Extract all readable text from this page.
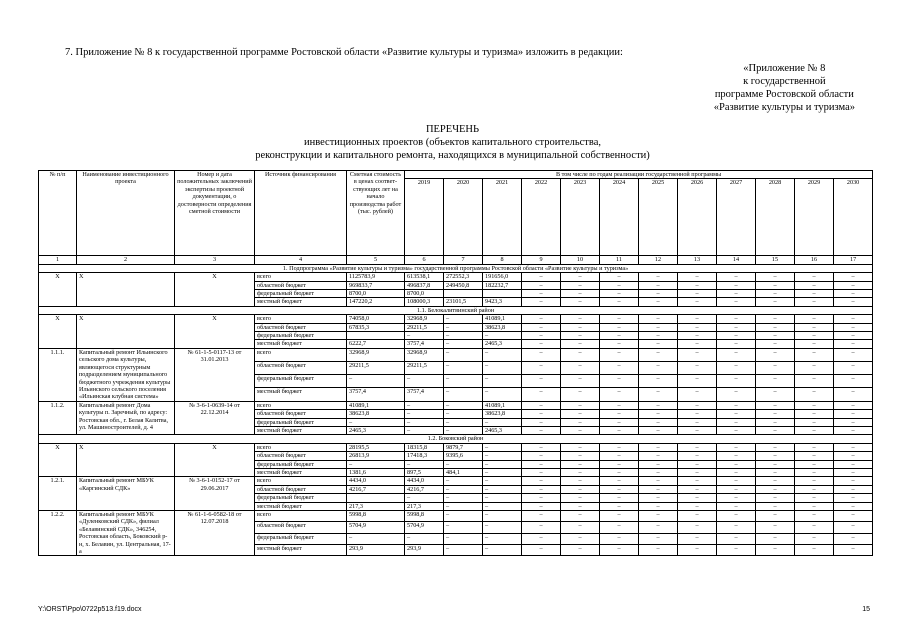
7. Приложение № 8 к государственной программе Ростовской области «Развитие культуры и туризма» изложить в редакции:
«Приложение № 8
к государственной
программе Ростовской области
«Развитие культуры и туризма»
ПЕРЕЧЕНЬ
инвестиционных проектов (объектов капитального строительства,
реконструкции и капитального ремонта, находящихся в муниципальной собственности)
№ п/п	Наименование инвестиционного проекта	Номер и дата положительных заключений экспертизы проектной документации, о достоверности определения сметной стоимости	Источник финансирования	Сметная стоимость в ценах соответ-ствующих лет на начало производства работ (тыс. рублей)	В том числе по годам реализации государственной программы											
					2019	2020	2021	2022	2023	2024	2025	2026	2027	2028	2029	2030
1	2	3	4	5	6	7	8	9	10	11	12	13	14	15	16	17
1. Подпрограмма «Развитие культуры и туризма» государственной программы Ростовской области «Развитие культуры и туризма»																
X	X	X	всего	1125783,9	613538,1	272552,3	191656,0	–	–	–	–	–	–	–	–	–
			областной бюджет	969833,7	496837,8	249450,8	182232,7	–	–	–	–	–	–	–	–	–
			федеральный бюджет	8700,0	8700,0			–	–	–	–	–	–	–	–	–
			местный бюджет	147220,2	108000,3	23101,5	9423,3	–	–	–	–	–	–	–	–	–
1.1. Белокалитвинский район																
X	X	X	всего	74058,0	32968,9	–	41089,1	–	–	–	–	–	–	–	–	–
			областной бюджет	67835,3	29211,5	–	38623,8	–	–	–	–	–	–	–	–	–
			федеральный бюджет		–	–	–	–	–	–	–	–	–	–	–	–
			местный бюджет	6222,7	3757,4	–	2465,3	–	–	–	–	–	–	–	–	–
1.1.1.	Капитальный ремонт Ильинского сельского дома культуры, являющегося структурным подразделением муниципального бюджетного учреждения культуры Ильинского сельского поселения «Ильинская клубная система»	№ 61-1-5-0117-13 от 31.01.2013	всего	32968,9	32968,9	–	–	–	–	–	–	–	–	–	–	–
			областной бюджет	29211,5	29211,5	–	–	–	–	–	–	–	–	–	–	–
			федеральный бюджет	–	–	–	–	–	–	–	–	–	–	–	–	–
			местный бюджет	3757,4	3757,4	–	–	–	–	–	–	–	–	–	–	–
1.1.2.	Капитальный ремонт Дома культуры п. Заречный, по адресу: Ростовская обл., г. Белая Калитва, ул. Машиностроителей, д. 4	№ 3-6-1-0639-14 от 22.12.2014	всего	41089,1	–	–	41089,1	–	–	–	–	–	–	–	–	–
			областной бюджет	38623,8	–	–	38623,8	–	–	–	–	–	–	–	–	–
			федеральный бюджет	–	–	–	–	–	–	–	–	–	–	–	–	–
			местный бюджет	2465,3	–	–	2465,3	–	–	–	–	–	–	–	–	–
1.2. Боковский район																
X	X	X	всего	28195,5	18315,8	9879,7	–	–	–	–	–	–	–	–	–	–
			областной бюджет	26813,9	17418,3	9395,6	–	–	–	–	–	–	–	–	–	–
			федеральный бюджет	–	–	–	–	–	–	–	–	–	–	–	–	–
			местный бюджет	1381,6	897,5	484,1	–	–	–	–	–	–	–	–	–	–
1.2.1.	Капитальный ремонт МБУК «Каргинский СДК»	№ 3-6-1-0152-17 от 29.06.2017	всего	4434,0	4434,0	–	–	–	–	–	–	–	–	–	–	–
			областной бюджет	4216,7	4216,7	–	–	–	–	–	–	–	–	–	–	–
			федеральный бюджет		–	–	–	–	–	–	–	–	–	–	–	–
			местный бюджет	217,3	217,3	–	–	–	–	–	–	–	–	–	–	–
1.2.2.	Капитальный ремонт МБУК «Дуленковский СДК», филиал «Белавинский СДК», 346254, Ростовская область, Боковский р-н, х. Белавин, ул. Центральная, 17-а	№ 61-1-6-0582-18 от 12.07.2018	всего	5998,8	5998,8	–	–	–	–	–	–	–	–	–	–	–
			областной бюджет	5704,9	5704,9	–	–	–	–	–	–	–	–	–	–	–
			федеральный бюджет	–	–	–	–	–	–	–	–	–	–	–	–	–
			местный бюджет	293,9	293,9	–	–	–	–	–	–	–	–	–	–	–
Y:\ORST\Ppo\0722p513.f19.docx	15
